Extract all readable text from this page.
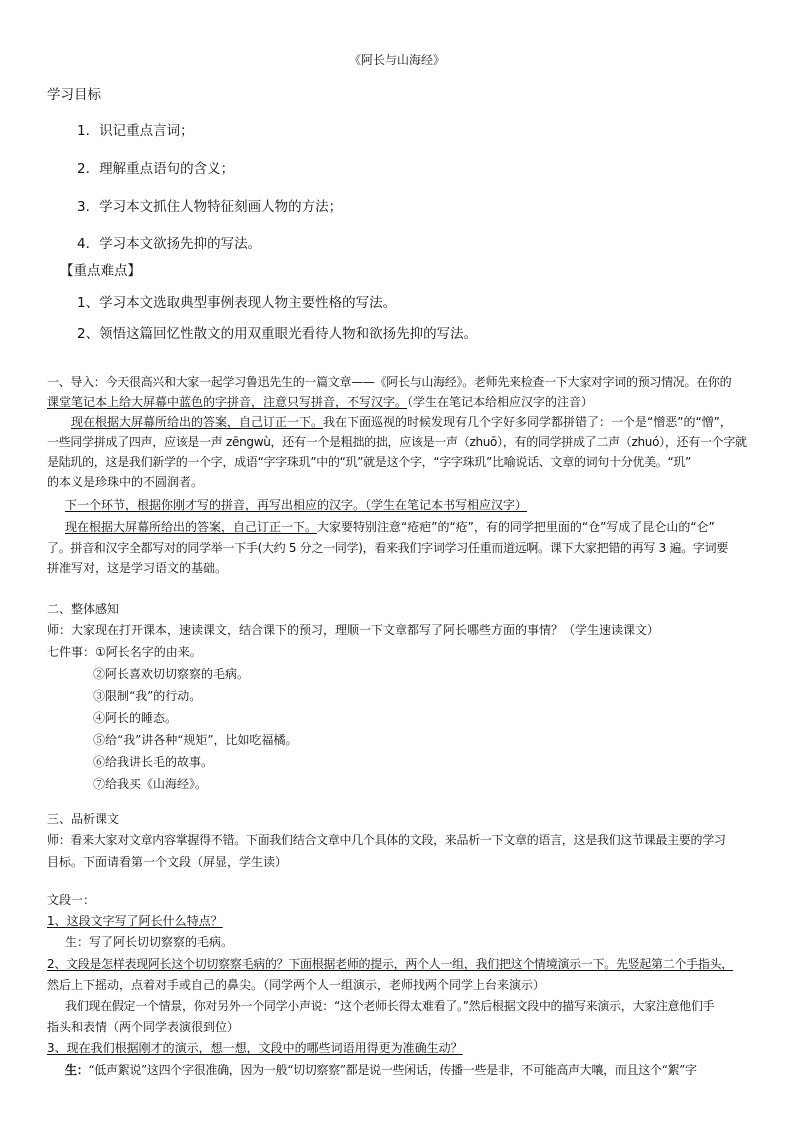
《阿长与山海经》
学习目标
1．识记重点言词；
2．理解重点语句的含义；
3．学习本文抓住人物特征刻画人物的方法；
4．学习本文欲扬先抑的写法。
【重点难点】
1、学习本文选取典型事例表现人物主要性格的写法。
2、领悟这篇回忆性散文的用双重眼光看待人物和欲扬先抑的写法。
一、导入：今天很高兴和大家一起学习鲁迅先生的一篇文章——《阿长与山海经》。老师先来检查一下大家对字词的预习情况。在你的
课堂笔记本上给大屏幕中蓝色的字拼音，注意只写拼音，不写汉字。（学生在笔记本给相应汉字的注音）
现在根据大屏幕所给出的答案，自己订正一下。我在下面巡视的时候发现有几个字好多同学都拼错了：一个是“憎恶”的“憎”，
一些同学拼成了四声，应该是一声 zēngwù，还有一个是粗拙的拙，应该是一声（zhuō），有的同学拼成了二声（zhuó），还有一个字就
是陆玑的，这是我们新学的一个字，成语“字字珠玑”中的“玑”就是这个字，“字字珠玑”比喻说话、文章的词句十分优美。“玑”
的本义是珍珠中的不圆润者。
下一个环节，根据你刚才写的拼音，再写出相应的汉字。（学生在笔记本书写相应汉字）
现在根据大屏幕所给出的答案，自己订正一下。大家要特别注意“疮疤”的“疮”，有的同学把里面的“仓”写成了昆仑山的“仑”
了。拼音和汉字全都写对的同学举一下手(大约 5 分之一同学)，看来我们字词学习任重而道远啊。课下大家把错的再写 3 遍。字词要
拼准写对，这是学习语文的基础。
二、整体感知
师：大家现在打开课本，速读课文，结合课下的预习，理顺一下文章都写了阿长哪些方面的事情？（学生速读课文）
七件事：①阿长名字的由来。
②阿长喜欢切切察察的毛病。
③限制“我”的行动。
④阿长的睡态。
⑤给“我”讲各种“规矩”，比如吃福橘。
⑥给我讲长毛的故事。
⑦给我买《山海经》。
三、品析课文
师：看来大家对文章内容掌握得不错。下面我们结合文章中几个具体的文段，来品析一下文章的语言，这是我们这节课最主要的学习
目标。下面请看第一个文段（屏显，学生读）
文段一：
1、这段文字写了阿长什么特点？
生：写了阿长切切察察的毛病。
2、文段是怎样表现阿长这个切切察察毛病的？下面根据老师的提示，两个人一组，我们把这个情境演示一下。先竖起第二个手指头，
然后上下摇动，点着对手或自己的鼻尖。（同学两个人一组演示，老师找两个同学上台来演示）
我们现在假定一个情景，你对另外一个同学小声说：“这个老师长得太难看了。”然后根据文段中的描写来演示，大家注意他们手
指头和表情（两个同学表演很到位）
3、现在我们根据刚才的演示，想一想，文段中的哪些词语用得更为准确生动？
生：“低声絮说”这四个字很准确，因为一般“切切察察”都是说一些闲话，传播一些是非，不可能高声大嚷，而且这个“絮”字
